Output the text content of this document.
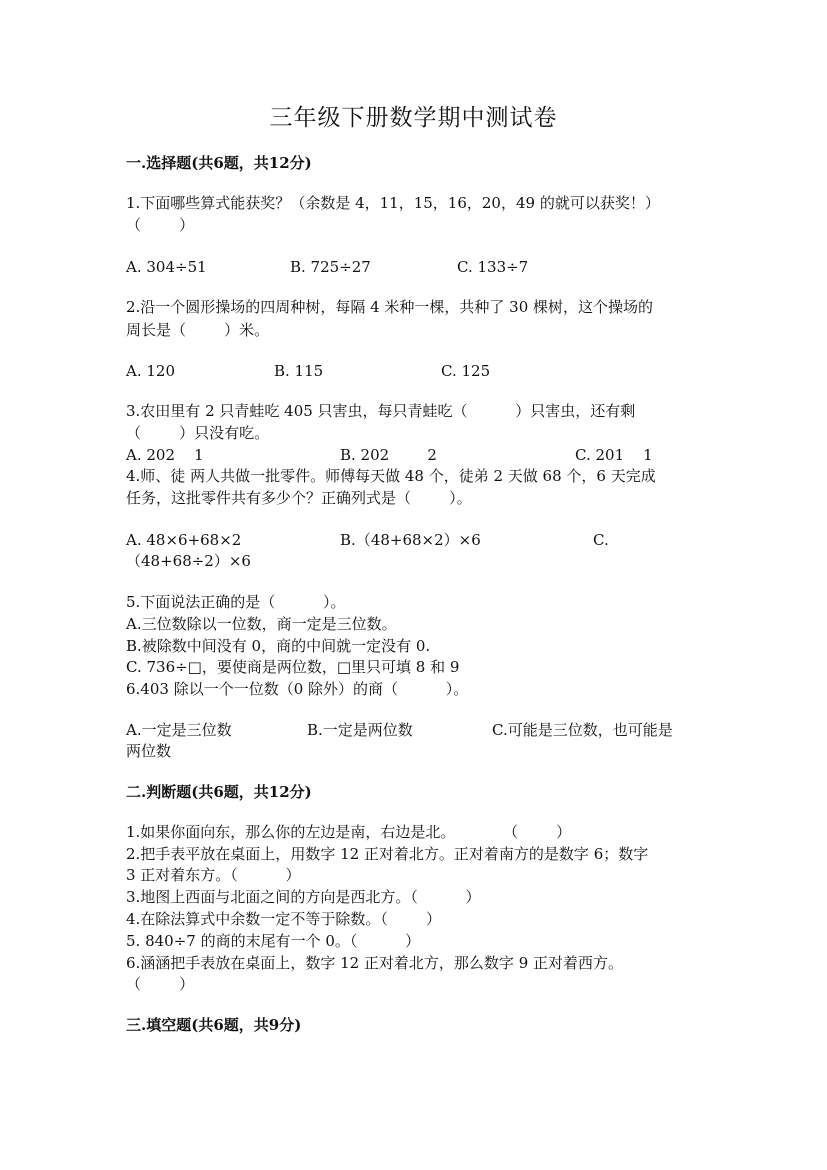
三年级下册数学期中测试卷
一.选择题(共6题，共12分)
1.下面哪些算式能获奖？（余数是 4，11，15，16，20，49 的就可以获奖！）
（        ）
A. 304÷51	B. 725÷27	C. 133÷7
2.沿一个圆形操场的四周种树，每隔 4 米种一棵，共种了 30 棵树，这个操场的
周长是（        ）米。
A. 120	B. 115	C. 125
3.农田里有 2 只青蛙吃 405 只害虫，每只青蛙吃（          ）只害虫，还有剩
（        ）只没有吃。
A. 202    1	B. 202        2	C. 201    1
4.师、徒 两人共做一批零件。师傅每天做 48 个，徒弟 2 天做 68 个，6 天完成
任务，这批零件共有多少个？正确列式是（        ）。
A. 48×6+68×2	B.（48+68×2）×6	C.
（48+68÷2）×6
5.下面说法正确的是（          ）。
A.三位数除以一位数，商一定是三位数。
B.被除数中间没有 0，商的中间就一定没有 0.
C. 736÷□，要使商是两位数，□里只可填 8 和 9
6.403 除以一个一位数（0 除外）的商（          ）。
A.一定是三位数	B.一定是两位数	C.可能是三位数，也可能是
两位数
二.判断题(共6题，共12分)
1.如果你面向东，那么你的左边是南，右边是北。          （        ）
2.把手表平放在桌面上，用数字 12 正对着北方。正对着南方的是数字 6；数字
3 正对着东方。（          ）
3.地图上西面与北面之间的方向是西北方。（          ）
4.在除法算式中余数一定不等于除数。（        ）
5. 840÷7 的商的末尾有一个 0。（          ）
6.涵涵把手表放在桌面上，数字 12 正对着北方，那么数字 9 正对着西方。
（        ）
三.填空题(共6题，共9分)
